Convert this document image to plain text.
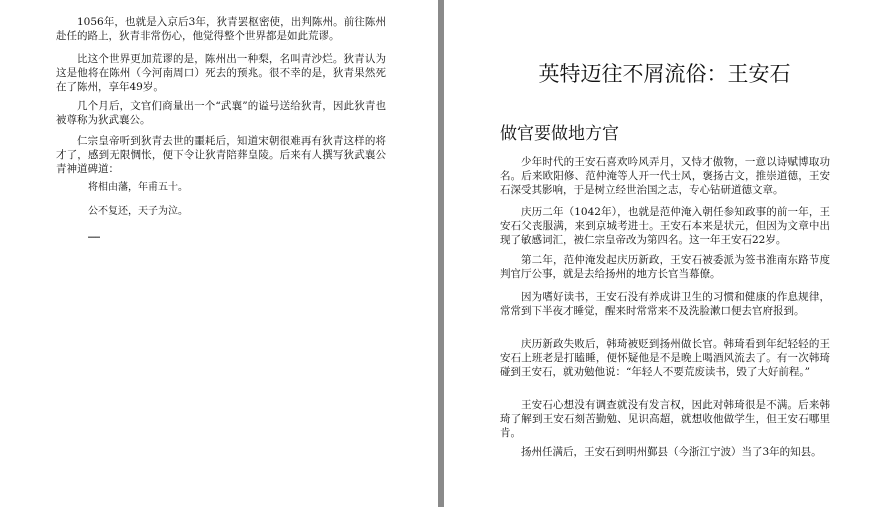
1056年，也就是入京后3年，狄青罢枢密使，出判陈州。前往陈州赴任的路上，狄青非常伤心，他觉得整个世界都是如此荒谬。

比这个世界更加荒谬的是，陈州出一种梨，名叫青沙烂。狄青认为这是他将在陈州（今河南周口）死去的预兆。很不幸的是，狄青果然死在了陈州，享年49岁。

几个月后，文官们商量出一个“武襄”的谥号送给狄青，因此狄青也被尊称为狄武襄公。

仁宗皇帝听到狄青去世的噩耗后，知道宋朝很难再有狄青这样的将才了，感到无限惆怅，便下令让狄青陪葬皇陵。后来有人撰写狄武襄公青神道碑道：

将相由藩，年甫五十。

公不复还，天子为泣。

……

英特迈往不屑流俗：王安石
做官要做地方官

少年时代的王安石喜欢吟风弄月，又恃才傲物，一意以诗赋博取功名。后来欧阳修、范仲淹等人开一代士风，褒扬古文，推崇道德，王安石深受其影响，于是树立经世治国之志，专心钻研道德文章。

庆历二年（1042年），也就是范仲淹入朝任参知政事的前一年，王安石父丧服满，来到京城考进士。王安石本来是状元，但因为文章中出现了敏感词汇，被仁宗皇帝改为第四名。这一年王安石22岁。

第二年，范仲淹发起庆历新政，王安石被委派为签书淮南东路节度判官厅公事，就是去给扬州的地方长官当幕僚。

因为嗜好读书，王安石没有养成讲卫生的习惯和健康的作息规律，常常到下半夜才睡觉，醒来时常常来不及洗脸漱口便去官府报到。

庆历新政失败后，韩琦被贬到扬州做长官。韩琦看到年纪轻轻的王安石上班老是打瞌睡，便怀疑他是不是晚上喝酒风流去了。有一次韩琦碰到王安石，就劝勉他说：“年轻人不要荒废读书，毁了大好前程。”

王安石心想没有调查就没有发言权，因此对韩琦很是不满。后来韩琦了解到王安石刻苦勤勉、见识高超，就想收他做学生，但王安石哪里肯。

扬州任满后，王安石到明州鄞县（今浙江宁波）当了3年的知县。
